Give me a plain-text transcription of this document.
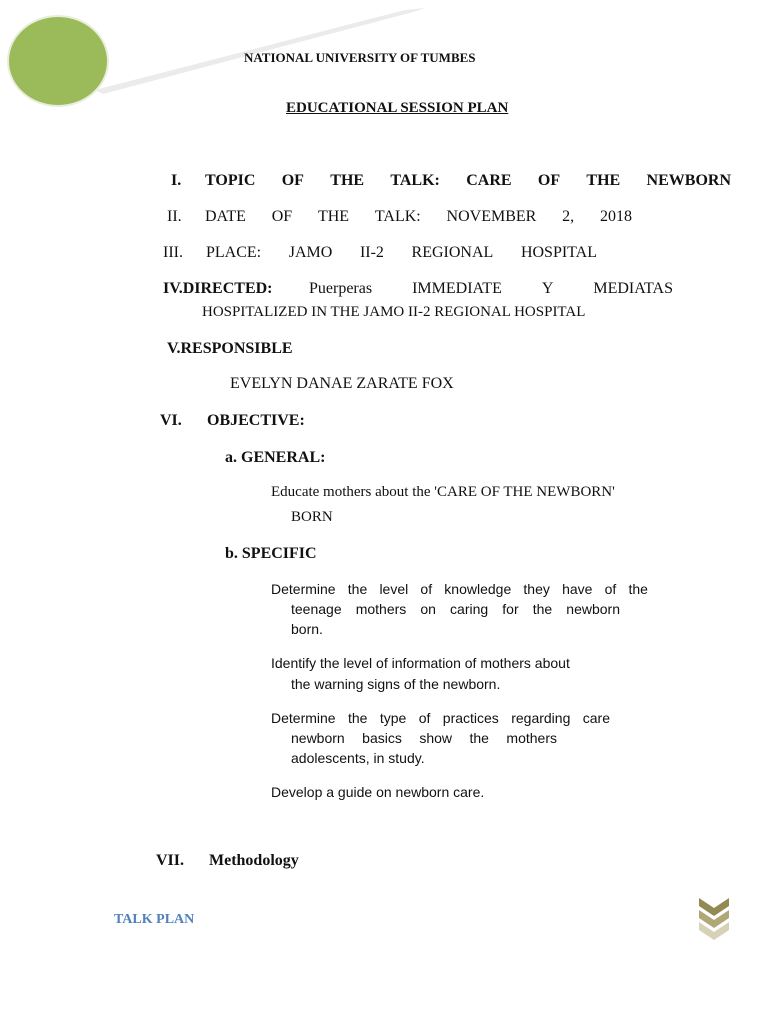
NATIONAL UNIVERSITY OF TUMBES
EDUCATIONAL SESSION PLAN
I. TOPIC OF THE TALK: CARE OF THE NEWBORN
II. DATE OF THE TALK: NOVEMBER 2, 2018
III. PLACE: JAMO II-2 REGIONAL HOSPITAL
IV.DIRECTED: Puerperas IMMEDIATE Y MEDIATAS
HOSPITALIZED IN THE JAMO II-2 REGIONAL HOSPITAL
V.RESPONSIBLE
EVELYN DANAE ZARATE FOX
VI. OBJECTIVE:
a. GENERAL:
Educate mothers about the 'CARE OF THE NEWBORN'
BORN
b. SPECIFIC
Determine the level of knowledge they have of the
teenage mothers on caring for the newborn
born.
Identify the level of information of mothers about
the warning signs of the newborn.
Determine the type of practices regarding care
newborn basics show the mothers
adolescents, in study.
Develop a guide on newborn care.
VII. Methodology
TALK PLAN
